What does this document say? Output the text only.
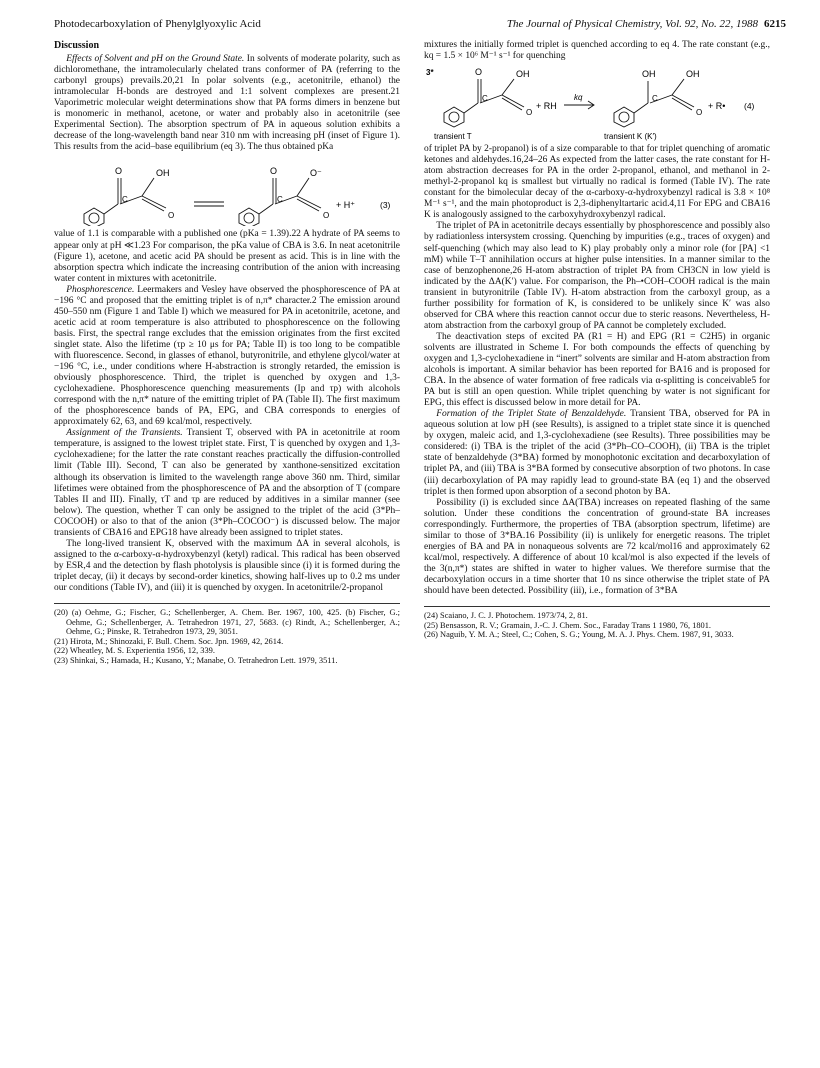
Photodecarboxylation of Phenylglyoxylic Acid	The Journal of Physical Chemistry, Vol. 92, No. 22, 1988 6215
Discussion

Effects of Solvent and pH on the Ground State. In solvents of moderate polarity, such as dichloromethane, the intramolecularly chelated trans conformer of PA (referring to the carbonyl groups) prevails.20,21 In polar solvents (e.g., acetonitrile, ethanol) the intramolecular H-bonds are destroyed and 1:1 solvent complexes are present.21 Vaporimetric molecular weight determinations show that PA forms dimers in benzene but is monomeric in methanol, acetone, or water and probably also in acetonitrile (see Experimental Section). The absorption spectrum of PA in aqueous solution exhibits a decrease of the long-wavelength band near 310 nm with increasing pH (inset of Figure 1). This results from the acid–base equilibrium (eq 3). The thus obtained pKa

O
C
OH
O
C
O	O⁻
O
+ H⁺	(3)

value of 1.1 is comparable with a published one (pKa = 1.39).22 A hydrate of PA seems to appear only at pH ≪1.23 For comparison, the pKa value of CBA is 3.6. In neat acetonitrile (Figure 1), acetone, and acetic acid PA should be present as acid. This is in line with the absorption spectra which indicate the increasing contribution of the anion with increasing water content in mixtures with acetonitrile.

Phosphorescence. Leermakers and Vesley have observed the phosphorescence of PA at −196 °C and proposed that the emitting triplet is of n,π* character.2 The emission around 450–550 nm (Figure 1 and Table I) which we measured for PA in acetonitrile, acetone, and acetic acid at room temperature is also attributed to phosphorescence on the following basis. First, the spectral range excludes that the emission originates from the first excited singlet state. Also the lifetime (τp ≥ 10 μs for PA; Table II) is too long to be compatible with fluorescence. Second, in glasses of ethanol, butyronitrile, and ethylene glycol/water at −196 °C, i.e., under conditions where H-abstraction is strongly retarded, the emission is obviously phosphorescence. Third, the triplet is quenched by oxygen and 1,3-cyclohexadiene. Phosphorescence quenching measurements (Ip and τp) with alcohols correspond with the n,π* nature of the emitting triplet of PA (Table II). The first maximum of the phosphorescence bands of PA, EPG, and CBA corresponds to energies of approximately 62, 63, and 69 kcal/mol, respectively.

Assignment of the Transients. Transient T, observed with PA in acetonitrile at room temperature, is assigned to the lowest triplet state. First, T is quenched by oxygen and 1,3-cyclohexadiene; for the latter the rate constant reaches practically the diffusion-controlled limit (Table III). Second, T can also be generated by xanthone-sensitized excitation although its observation is limited to the wavelength range above 360 nm. Third, similar lifetimes were obtained from the phosphorescence of PA and the absorption of T (compare Tables II and III). Finally, τT and τp are reduced by additives in a similar manner (see below). The question, whether T can only be assigned to the triplet of the acid (3*Ph–COCOOH) or also to that of the anion (3*Ph–COCOO⁻) is discussed below. The major transients of CBA16 and EPG18 have already been assigned to triplet states.

The long-lived transient K, observed with the maximum ΔA in several alcohols, is assigned to the α-carboxy-α-hydroxybenzyl (ketyl) radical. This radical has been observed by ESR,4 and the detection by flash photolysis is plausible since (i) it is formed during the triplet decay, (ii) it decays by second-order kinetics, showing half-lives up to 0.2 ms under our conditions (Table IV), and (iii) it is quenched by oxygen. In acetonitrile/2-propanol

(20) (a) Oehme, G.; Fischer, G.; Schellenberger, A. Chem. Ber. 1967, 100, 425. (b) Fischer, G.; Oehme, G.; Schellenberger, A. Tetrahedron 1971, 27, 5683. (c) Rindt, A.; Schellenberger, A.; Oehme, G.; Pinske, R. Tetrahedron 1973, 29, 3051.
(21) Hirota, M.; Shinozaki, F. Bull. Chem. Soc. Jpn. 1969, 42, 2614.
(22) Wheatley, M. S. Experientia 1956, 12, 339.
(23) Shinkai, S.; Hamada, H.; Kusano, Y.; Manabe, O. Tetrahedron Lett. 1979, 3511.

mixtures the initially formed triplet is quenched according to eq 4. The rate constant (e.g., kq = 1.5 × 10⁶ M⁻¹ s⁻¹ for quenching

3*	O
C
OH
O
+ RH
kq
OH
C
OH
O
+ R• (4)
transient T	transient K (K′)

of triplet PA by 2-propanol) is of a size comparable to that for triplet quenching of aromatic ketones and aldehydes.16,24–26 As expected from the latter cases, the rate constant for H-atom abstraction decreases for PA in the order 2-propanol, ethanol, and methanol in 2-methyl-2-propanol kq is smallest but virtually no radical is formed (Table IV). The rate constant for the bimolecular decay of the α-carboxy-α-hydroxybenzyl radical is 3.8 × 10⁸ M⁻¹ s⁻¹, and the main photoproduct is 2,3-diphenyltartaric acid.4,11 For EPG and CBA16 K is analogously assigned to the carboxyhydroxybenzyl radical.

The triplet of PA in acetonitrile decays essentially by phosphorescence and possibly also by radiationless intersystem crossing. Quenching by impurities (e.g., traces of oxygen) and self-quenching (which may also lead to K) play probably only a minor role (for [PA] <1 mM) while T–T annihilation occurs at higher pulse intensities. In a manner similar to the case of benzophenone,26 H-atom abstraction of triplet PA from CH3CN in low yield is indicated by the ΔA(K′) value. For comparison, the Ph–•COH–COOH radical is the main transient in butyronitrile (Table IV). H-atom abstraction from the carboxyl group, as a further possibility for formation of K, is considered to be unlikely since K′ was also observed for CBA where this reaction cannot occur due to steric reasons. Nevertheless, H-atom abstraction from the carboxyl group of PA cannot be completely excluded.

The deactivation steps of excited PA (R1 = H) and EPG (R1 = C2H5) in organic solvents are illustrated in Scheme I. For both compounds the effects of quenching by oxygen and 1,3-cyclohexadiene in “inert” solvents are similar and H-atom abstraction from alcohols is important. A similar behavior has been reported for BA16 and is proposed for CBA. In the absence of water formation of free radicals via α-splitting is conceivable5 for PA but is still an open question. While triplet quenching by water is not significant for EPG, this effect is discussed below in more detail for PA.

Formation of the Triplet State of Benzaldehyde. Transient TBA, observed for PA in aqueous solution at low pH (see Results), is assigned to a triplet state since it is quenched by oxygen, maleic acid, and 1,3-cyclohexadiene (see Results). Three possibilities may be considered: (i) TBA is the triplet of the acid (3*Ph–CO–COOH), (ii) TBA is the triplet state of benzaldehyde (3*BA) formed by monophotonic excitation and decarboxylation of triplet PA, and (iii) TBA is 3*BA formed by consecutive absorption of two photons. In case (iii) decarboxylation of PA may rapidly lead to ground-state BA (eq 1) and the observed triplet is then formed upon absorption of a second photon by BA.

Possibility (i) is excluded since ΔA(TBA) increases on repeated flashing of the same solution. Under these conditions the concentration of ground-state BA increases correspondingly. Furthermore, the properties of TBA (absorption spectrum, lifetime) are similar to those of 3*BA.16 Possibility (ii) is unlikely for energetic reasons. The triplet energies of BA and PA in nonaqueous solvents are 72 kcal/mol16 and approximately 62 kcal/mol, respectively. A difference of about 10 kcal/mol is also expected if the levels of the 3(n,π*) states are shifted in water to higher values. We therefore surmise that the decarboxylation occurs in a time shorter that 10 ns since otherwise the triplet state of PA should have been detected. Possibility (iii), i.e., formation of 3*BA

(24) Scaiano, J. C. J. Photochem. 1973/74, 2, 81.
(25) Bensasson, R. V.; Gramain, J.-C. J. Chem. Soc., Faraday Trans 1 1980, 76, 1801.
(26) Naguib, Y. M. A.; Steel, C.; Cohen, S. G.; Young, M. A. J. Phys. Chem. 1987, 91, 3033.
